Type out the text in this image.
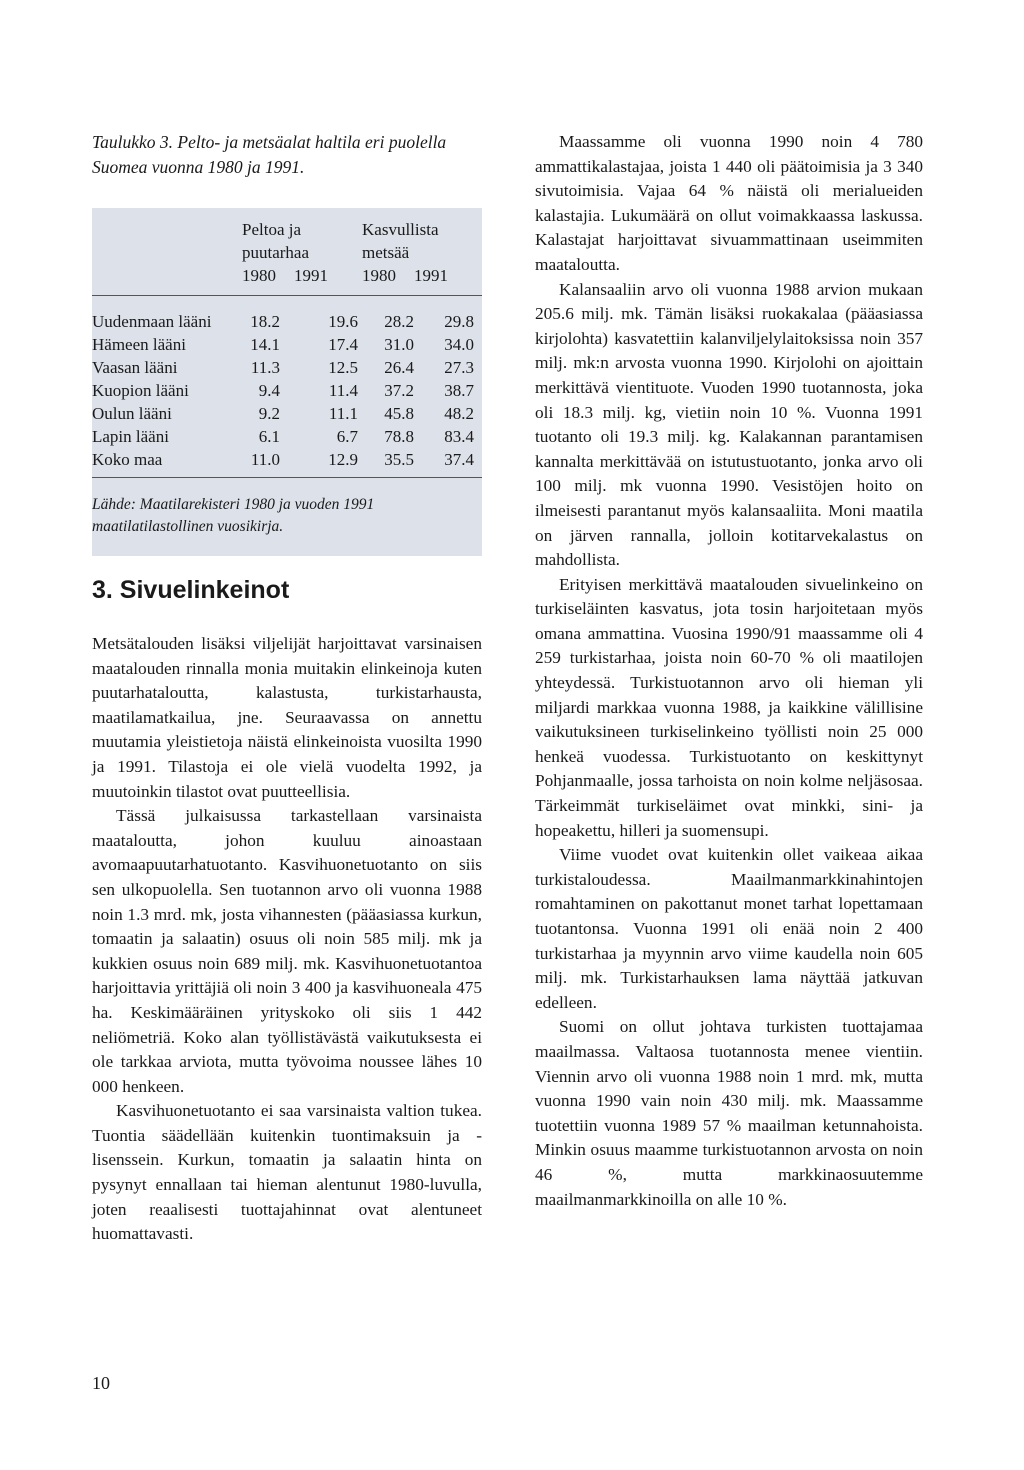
Taulukko 3. Pelto- ja metsäalat haltila eri puolella Suomea vuonna 1980 ja 1991.

Peltoa ja
puutarhaa
1980 1991
Kasvullista
metsää
1980 1991
Uudenmaan lääni	18.2	19.6	28.2	29.8
Hämeen lääni	14.1	17.4	31.0	34.0
Vaasan lääni	11.3	12.5	26.4	27.3
Kuopion lääni	9.4	11.4	37.2	38.7
Oulun lääni	9.2	11.1	45.8	48.2
Lapin lääni	6.1	6.7	78.8	83.4
Koko maa	11.0	12.9	35.5	37.4
Lähde: Maatilarekisteri 1980 ja vuoden 1991 maatilatilastollinen vuosikirja.
3. Sivuelinkeinot

Metsätalouden lisäksi viljelijät harjoittavat varsinaisen maatalouden rinnalla monia muitakin elinkeinoja kuten puutarhataloutta, kalastusta, turkistarhausta, maatilamatkailua, jne. Seuraavassa on annettu muutamia yleistietoja näistä elinkeinoista vuosilta 1990 ja 1991. Tilastoja ei ole vielä vuodelta 1992, ja muutoinkin tilastot ovat puutteellisia.

Tässä julkaisussa tarkastellaan varsinaista maataloutta, johon kuuluu ainoastaan avomaapuutarhatuotanto. Kasvihuonetuotanto on siis sen ulkopuolella. Sen tuotannon arvo oli vuonna 1988 noin 1.3 mrd. mk, josta vihannesten (pääasiassa kurkun, tomaatin ja salaatin) osuus oli noin 585 milj. mk ja kukkien osuus noin 689 milj. mk. Kasvihuonetuotantoa harjoittavia yrittäjiä oli noin 3 400 ja kasvihuoneala 475 ha. Keskimääräinen yrityskoko oli siis 1 442 neliömetriä. Koko alan työllistävästä vaikutuksesta ei ole tarkkaa arviota, mutta työvoima noussee lähes 10 000 henkeen.

Kasvihuonetuotanto ei saa varsinaista valtion tukea. Tuontia säädellään kuitenkin tuontimaksuin ja -lisenssein. Kurkun, tomaatin ja salaatin hinta on pysynyt ennallaan tai hieman alentunut 1980-luvulla, joten reaalisesti tuottajahinnat ovat alentuneet huomattavasti.

Maassamme oli vuonna 1990 noin 4 780 ammattikalastajaa, joista 1 440 oli päätoimisia ja 3 340 sivutoimisia. Vajaa 64 % näistä oli merialueiden kalastajia. Lukumäärä on ollut voimakkaassa laskussa. Kalastajat harjoittavat sivuammattinaan useimmiten maataloutta.

Kalansaaliin arvo oli vuonna 1988 arvion mukaan 205.6 milj. mk. Tämän lisäksi ruokakalaa (pääasiassa kirjolohta) kasvatettiin kalanviljelylaitoksissa noin 357 milj. mk:n arvosta vuonna 1990. Kirjolohi on ajoittain merkittävä vientituote. Vuoden 1990 tuotannosta, joka oli 18.3 milj. kg, vietiin noin 10 %. Vuonna 1991 tuotanto oli 19.3 milj. kg. Kalakannan parantamisen kannalta merkittävää on istutustuotanto, jonka arvo oli 100 milj. mk vuonna 1990. Vesistöjen hoito on ilmeisesti parantanut myös kalansaaliita. Moni maatila on järven rannalla, jolloin kotitarvekalastus on mahdollista.

Erityisen merkittävä maatalouden sivuelinkeino on turkiseläinten kasvatus, jota tosin harjoitetaan myös omana ammattina. Vuosina 1990/91 maassamme oli 4 259 turkistarhaa, joista noin 60-70 % oli maatilojen yhteydessä. Turkistuotannon arvo oli hieman yli miljardi markkaa vuonna 1988, ja kaikkine välillisine vaikutuksineen turkiselinkeino työllisti noin 25 000 henkeä vuodessa. Turkistuotanto on keskittynyt Pohjanmaalle, jossa tarhoista on noin kolme neljäsosaa. Tärkeimmät turkiseläimet ovat minkki, sini- ja hopeakettu, hilleri ja suomensupi.

Viime vuodet ovat kuitenkin ollet vaikeaa aikaa turkistaloudessa. Maailmanmarkkinahintojen romahtaminen on pakottanut monet tarhat lopettamaan tuotantonsa. Vuonna 1991 oli enää noin 2 400 turkistarhaa ja myynnin arvo viime kaudella noin 605 milj. mk. Turkistarhauksen lama näyttää jatkuvan edelleen.

Suomi on ollut johtava turkisten tuottajamaa maailmassa. Valtaosa tuotannosta menee vientiin. Viennin arvo oli vuonna 1988 noin 1 mrd. mk, mutta vuonna 1990 vain noin 430 milj. mk. Maassamme tuotettiin vuonna 1989 57 % maailman ketunnahoista. Minkin osuus maamme turkistuotannon arvosta on noin 46 %, mutta markkinaosuutemme maailmanmarkkinoilla on alle 10 %.

10
